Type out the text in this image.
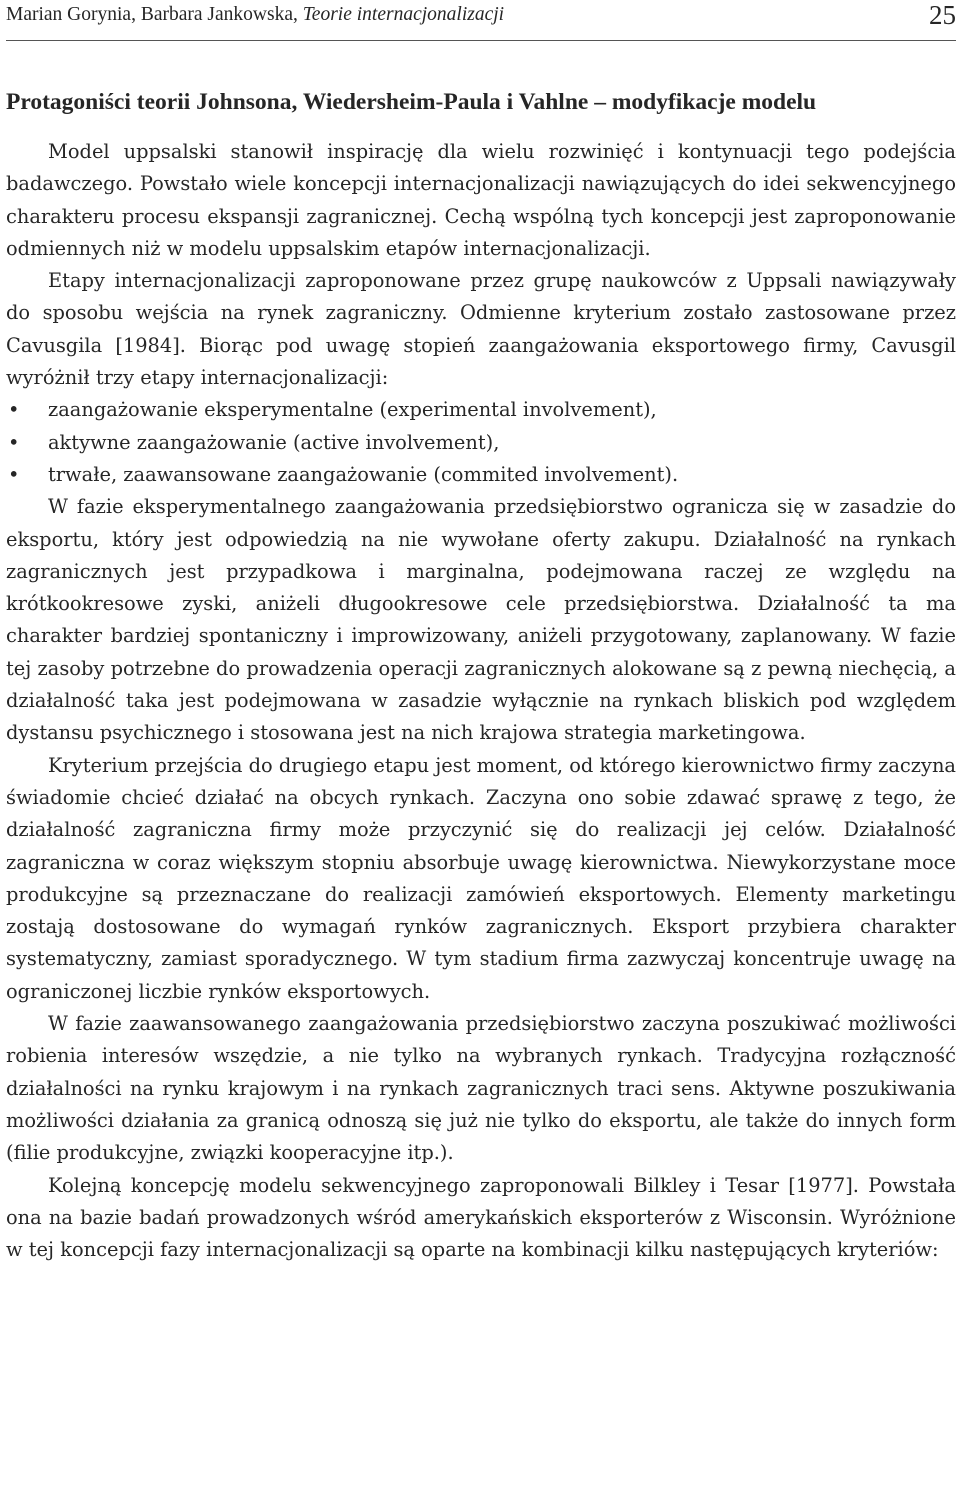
Marian Gorynia, Barbara Jankowska, Teorie internacjonalizacji	25
Protagoniści teorii Johnsona, Wiedersheim-Paula i Vahlne – modyfikacje modelu

Model uppsalski stanowił inspirację dla wielu rozwinięć i kontynuacji tego podejścia badawczego. Powstało wiele koncepcji internacjonalizacji nawiązujących do idei sekwencyjnego charakteru procesu ekspansji zagranicznej. Cechą wspólną tych koncepcji jest zaproponowanie odmiennych niż w modelu uppsalskim etapów internacjonalizacji.

Etapy internacjonalizacji zaproponowane przez grupę naukowców z Uppsali nawiązywały do sposobu wejścia na rynek zagraniczny. Odmienne kryterium zostało zastosowane przez Cavusgila [1984]. Biorąc pod uwagę stopień zaangażowania eksportowego firmy, Cavusgil wyróżnił trzy etapy internacjonalizacji:

• zaangażowanie eksperymentalne (experimental involvement),
• aktywne zaangażowanie (active involvement),
• trwałe, zaawansowane zaangażowanie (commited involvement).

W fazie eksperymentalnego zaangażowania przedsiębiorstwo ogranicza się w zasadzie do eksportu, który jest odpowiedzią na nie wywołane oferty zakupu. Działalność na rynkach zagranicznych jest przypadkowa i marginalna, podejmowana raczej ze względu na krótkookresowe zyski, aniżeli długookresowe cele przedsiębiorstwa. Działalność ta ma charakter bardziej spontaniczny i improwizowany, aniżeli przygotowany, zaplanowany. W fazie tej zasoby potrzebne do prowadzenia operacji zagranicznych alokowane są z pewną niechęcią, a działalność taka jest podejmowana w zasadzie wyłącznie na rynkach bliskich pod względem dystansu psychicznego i stosowana jest na nich krajowa strategia marketingowa.

Kryterium przejścia do drugiego etapu jest moment, od którego kierownictwo firmy zaczyna świadomie chcieć działać na obcych rynkach. Zaczyna ono sobie zdawać sprawę z tego, że działalność zagraniczna firmy może przyczynić się do realizacji jej celów. Działalność zagraniczna w coraz większym stopniu absorbuje uwagę kierownictwa. Niewykorzystane moce produkcyjne są przeznaczane do realizacji zamówień eksportowych. Elementy marketingu zostają dostosowane do wymagań rynków zagranicznych. Eksport przybiera charakter systematyczny, zamiast sporadycznego. W tym stadium firma zazwyczaj koncentruje uwagę na ograniczonej liczbie rynków eksportowych.

W fazie zaawansowanego zaangażowania przedsiębiorstwo zaczyna poszukiwać możliwości robienia interesów wszędzie, a nie tylko na wybranych rynkach. Tradycyjna rozłączność działalności na rynku krajowym i na rynkach zagranicznych traci sens. Aktywne poszukiwania możliwości działania za granicą odnoszą się już nie tylko do eksportu, ale także do innych form (filie produkcyjne, związki kooperacyjne itp.).

Kolejną koncepcję modelu sekwencyjnego zaproponowali Bilkley i Tesar [1977]. Powstała ona na bazie badań prowadzonych wśród amerykańskich eksporterów z Wisconsin. Wyróżnione w tej koncepcji fazy internacjonalizacji są oparte na kombinacji kilku następujących kryteriów:
